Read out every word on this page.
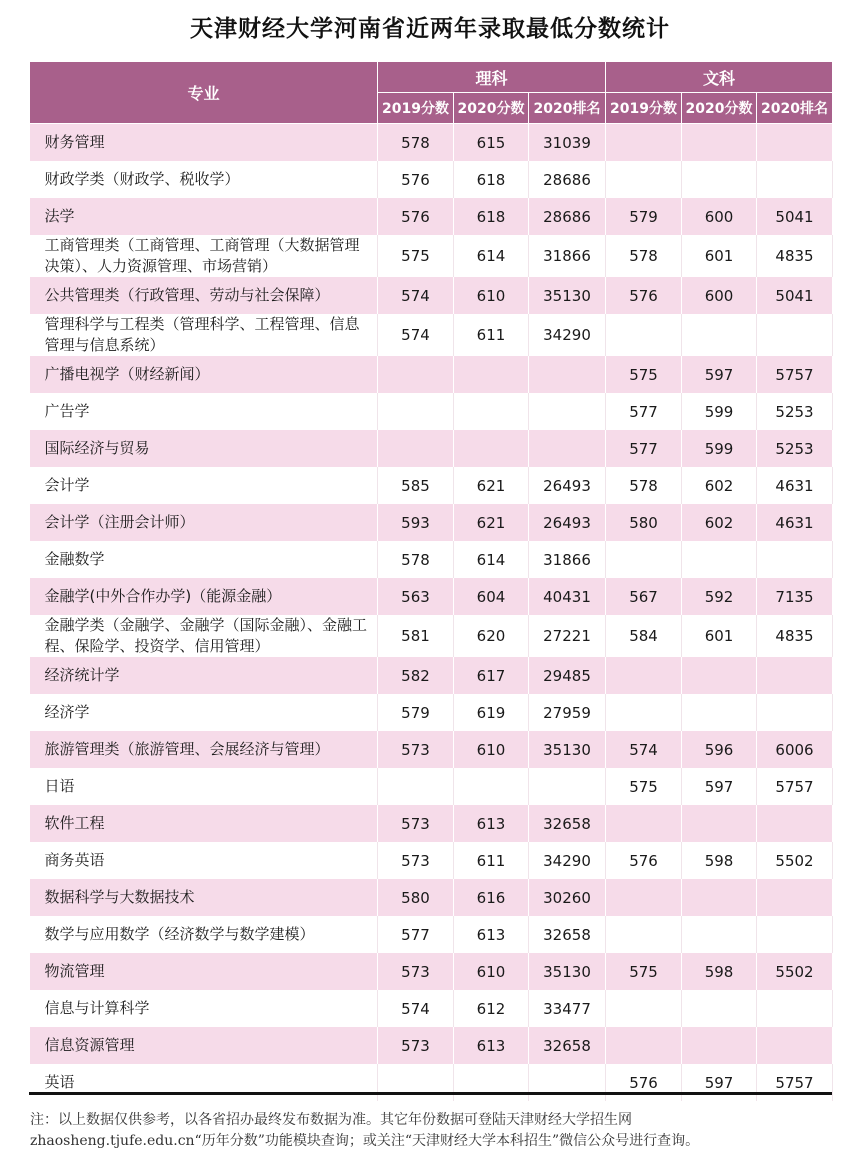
天津财经大学河南省近两年录取最低分数统计
专业	理科			文科		
	2019分数	2020分数	2020排名	2019分数	2020分数	2020排名
财务管理	578	615	31039			
财政学类（财政学、税收学）	576	618	28686			
法学	576	618	28686	579	600	5041
工商管理类（工商管理、工商管理（大数据管理决策）、人力资源管理、市场营销）	575	614	31866	578	601	4835
公共管理类（行政管理、劳动与社会保障）	574	610	35130	576	600	5041
管理科学与工程类（管理科学、工程管理、信息管理与信息系统）	574	611	34290			
广播电视学（财经新闻）				575	597	5757
广告学				577	599	5253
国际经济与贸易				577	599	5253
会计学	585	621	26493	578	602	4631
会计学（注册会计师）	593	621	26493	580	602	4631
金融数学	578	614	31866			
金融学(中外合作办学)（能源金融）	563	604	40431	567	592	7135
金融学类（金融学、金融学（国际金融）、金融工程、保险学、投资学、信用管理）	581	620	27221	584	601	4835
经济统计学	582	617	29485			
经济学	579	619	27959			
旅游管理类（旅游管理、会展经济与管理）	573	610	35130	574	596	6006
日语				575	597	5757
软件工程	573	613	32658			
商务英语	573	611	34290	576	598	5502
数据科学与大数据技术	580	616	30260			
数学与应用数学（经济数学与数学建模）	577	613	32658			
物流管理	573	610	35130	575	598	5502
信息与计算科学	574	612	33477			
信息资源管理	573	613	32658			
英语				576	597	5757

注：以上数据仅供参考，以各省招办最终发布数据为准。其它年份数据可登陆天津财经大学招生网

zhaosheng.tjufe.edu.cn“历年分数”功能模块查询；或关注“天津财经大学本科招生”微信公众号进行查询。
